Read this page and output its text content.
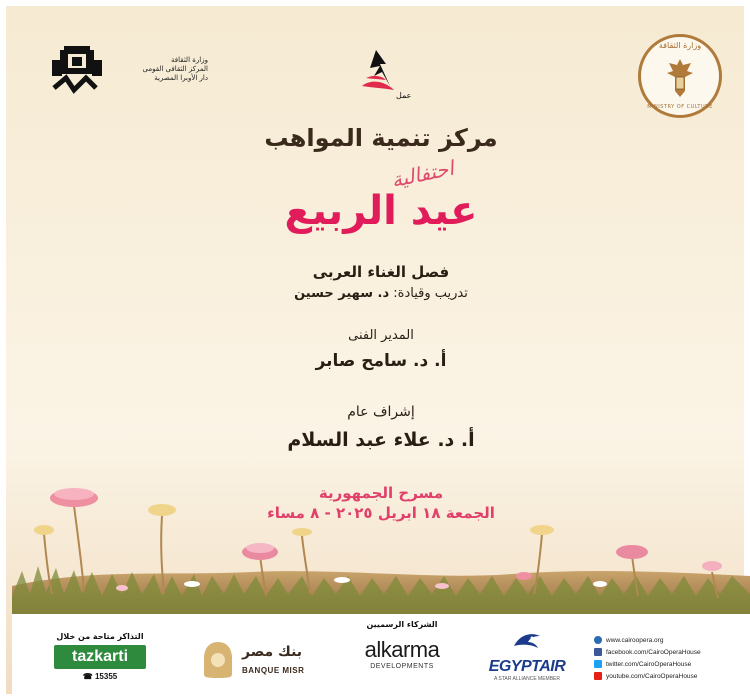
وزارة الثقافة
MINISTRY OF CULTURE
وزارة الثقافة
المركز الثقافى القومى
دار الأوبرا المصرية
عمل
مركز تنمية المواهب
احتفالية
عيد الربيع
فصل الغناء العربى
تدريب وقيادة: د. سهير حسين
المدير الفنى
أ. د. سامح صابر
إشراف عام
أ. د. علاء عبد السلام
مسرح الجمهورية
الجمعة ١٨ ابريل ٢٠٢٥ - ٨ مساء
التذاكر متاحة من خلال
tazkarti
☎ 15355
بنك مصر
BANQUE MISR
الشركاء الرسميين
alkarma
DEVELOPMENTS	EGYPTAIR
A STAR ALLIANCE MEMBER
www.cairoopera.org
facebook.com/CairoOperaHouse
twitter.com/CairoOperaHouse
youtube.com/CairoOperaHouse
